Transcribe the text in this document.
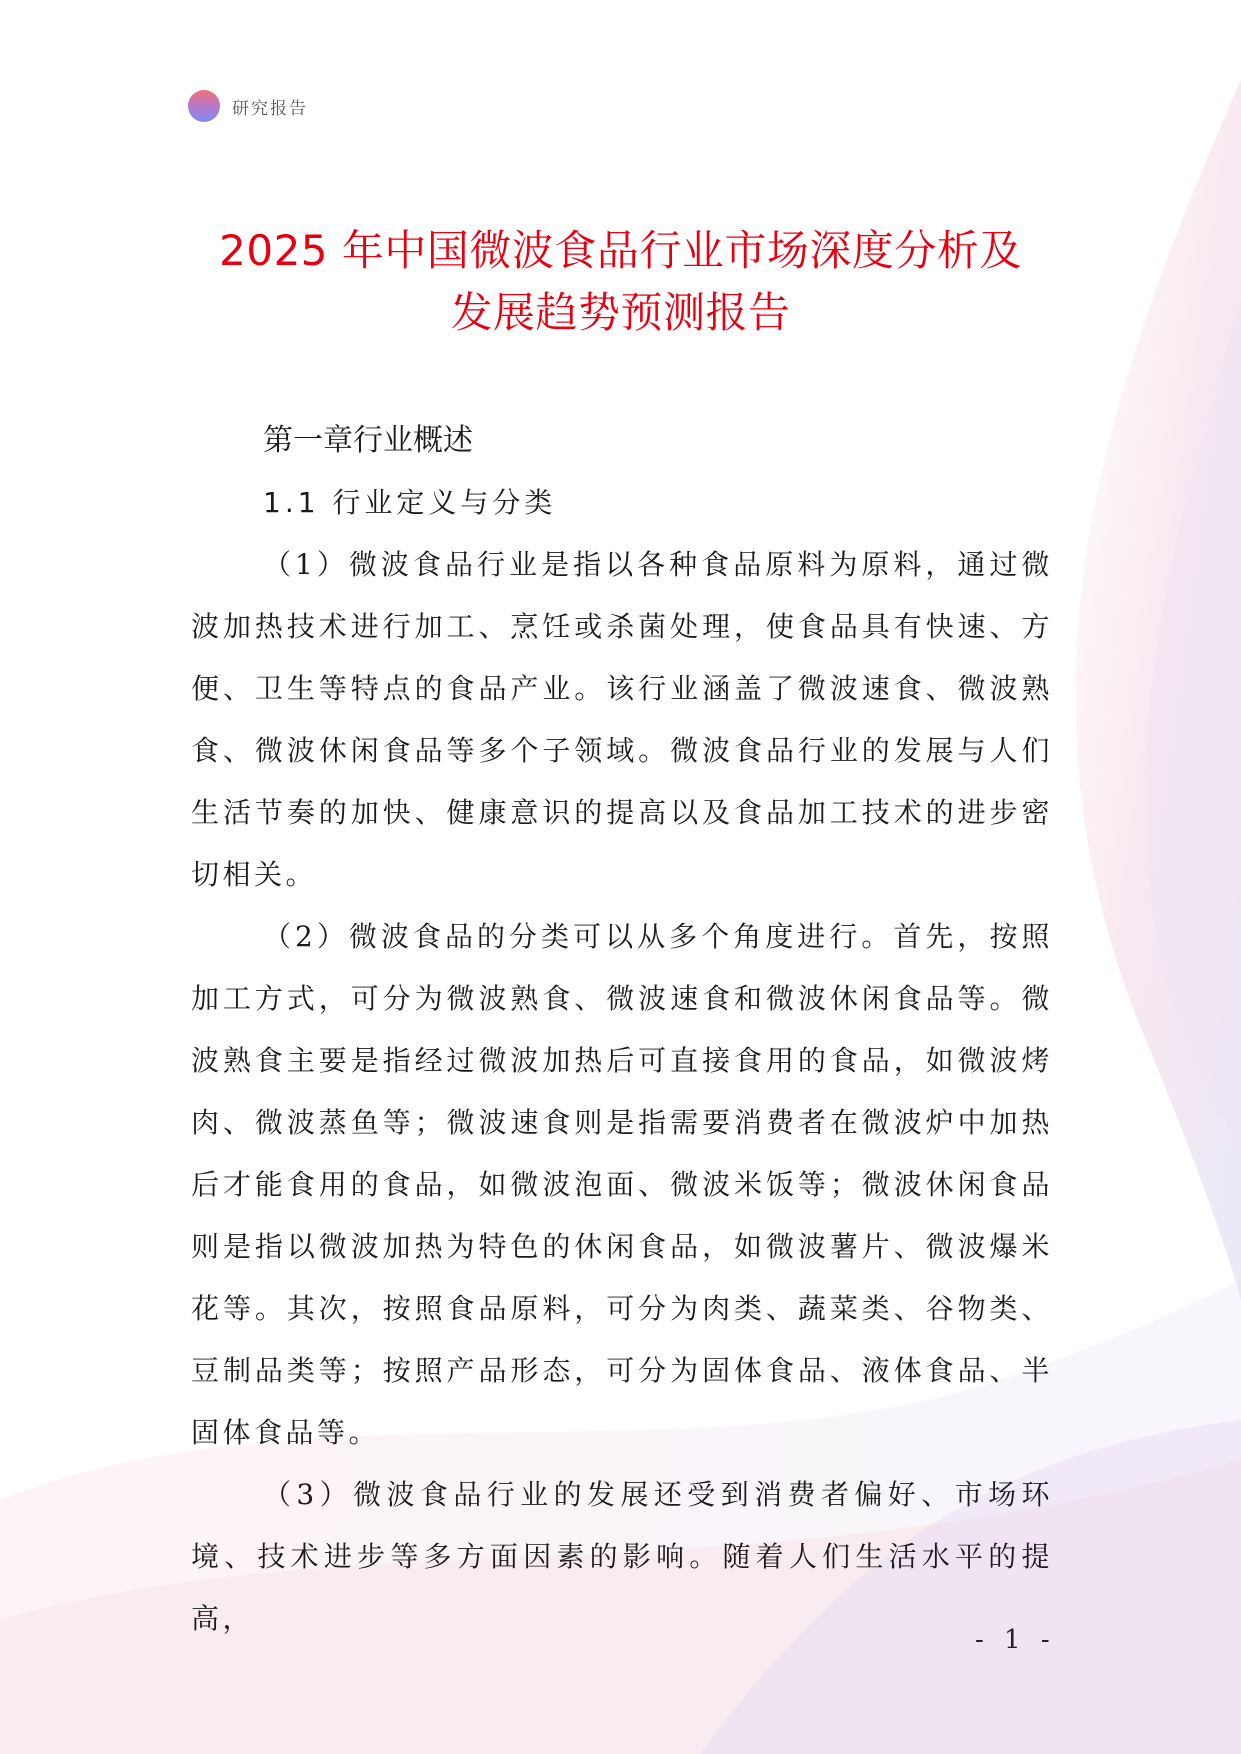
研究报告
2025 年中国微波食品行业市场深度分析及
发展趋势预测报告
第一章行业概述
1.1 行业定义与分类

（1）微波食品行业是指以各种食品原料为原料，通过微波加热技术进行加工、烹饪或杀菌处理，使食品具有快速、方便、卫生等特点的食品产业。该行业涵盖了微波速食、微波熟食、微波休闲食品等多个子领域。微波食品行业的发展与人们生活节奏的加快、健康意识的提高以及食品加工技术的进步密切相关。

（2）微波食品的分类可以从多个角度进行。首先，按照加工方式，可分为微波熟食、微波速食和微波休闲食品等。微波熟食主要是指经过微波加热后可直接食用的食品，如微波烤肉、微波蒸鱼等；微波速食则是指需要消费者在微波炉中加热后才能食用的食品，如微波泡面、微波米饭等；微波休闲食品则是指以微波加热为特色的休闲食品，如微波薯片、微波爆米花等。其次，按照食品原料，可分为肉类、蔬菜类、谷物类、豆制品类等；按照产品形态，可分为固体食品、液体食品、半固体食品等。

（3）微波食品行业的发展还受到消费者偏好、市场环境、技术进步等多方面因素的影响。随着人们生活水平的提高，

- 1 -
